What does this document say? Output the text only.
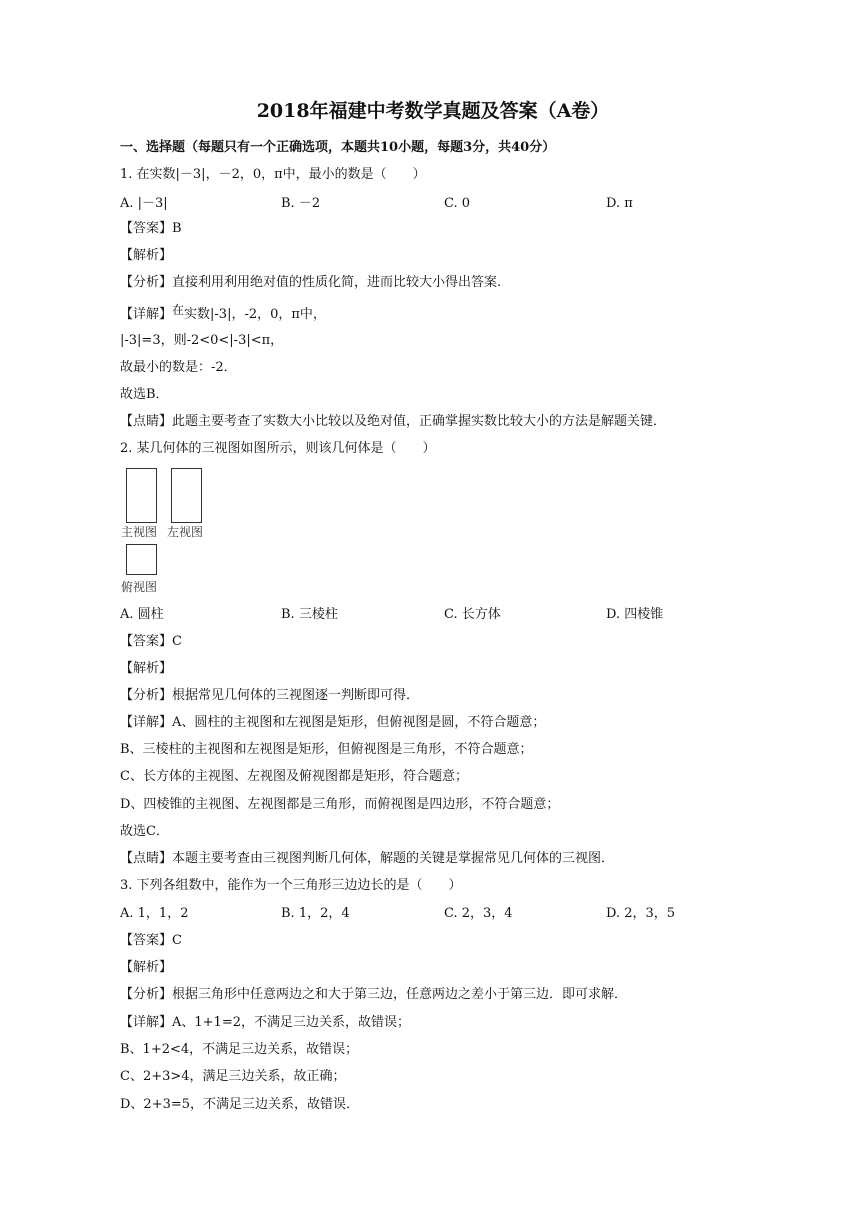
2018年福建中考数学真题及答案（A卷）
一、选择题（每题只有一个正确选项，本题共10小题，每题3分，共40分）
1. 在实数|－3|，－2，0，π中，最小的数是（　　）
A. |－3|	B. －2	C. 0	D. π
【答案】B
【解析】
【分析】直接利用利用绝对值的性质化简，进而比较大小得出答案.
【详解】在实数|-3|，-2，0，π中，
|-3|=3，则-2<0<|-3|<π，
故最小的数是：-2．
故选B．
【点睛】此题主要考查了实数大小比较以及绝对值，正确掌握实数比较大小的方法是解题关键．
2. 某几何体的三视图如图所示，则该几何体是（　　）
主视图 左视图
俯视图
A. 圆柱	B. 三棱柱	C. 长方体	D. 四棱锥
【答案】C
【解析】
【分析】根据常见几何体的三视图逐一判断即可得．
【详解】A、圆柱的主视图和左视图是矩形，但俯视图是圆，不符合题意；
B、三棱柱的主视图和左视图是矩形，但俯视图是三角形，不符合题意；
C、长方体的主视图、左视图及俯视图都是矩形，符合题意；
D、四棱锥的主视图、左视图都是三角形，而俯视图是四边形，不符合题意；
故选C．
【点睛】本题主要考查由三视图判断几何体，解题的关键是掌握常见几何体的三视图．
3. 下列各组数中，能作为一个三角形三边边长的是（　　）
A. 1，1，2	B. 1，2，4	C. 2，3，4	D. 2，3，5
【答案】C
【解析】
【分析】根据三角形中任意两边之和大于第三边，任意两边之差小于第三边．即可求解．
【详解】A、1+1=2，不满足三边关系，故错误；
B、1+2<4，不满足三边关系，故错误；
C、2+3>4，满足三边关系，故正确；
D、2+3=5，不满足三边关系，故错误．
